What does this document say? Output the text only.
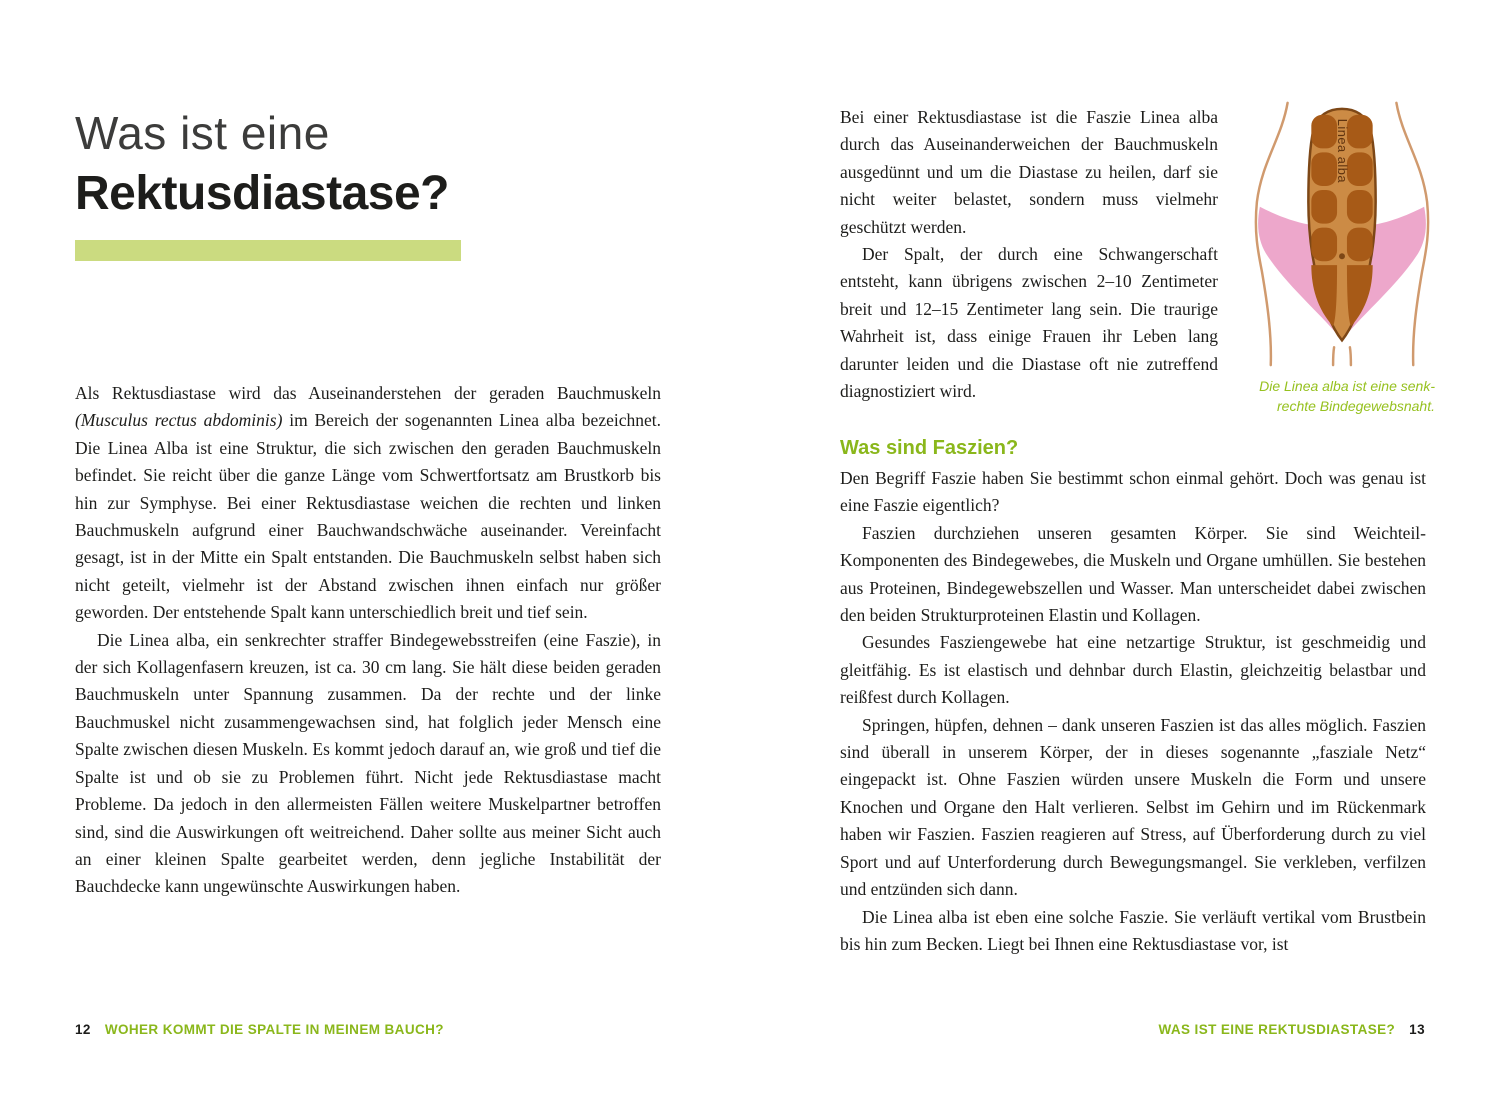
Was ist eine
Rektusdiastase?

Als Rektusdiastase wird das Auseinanderstehen der geraden Bauchmuskeln (Musculus rectus abdominis) im Bereich der sogenannten Linea alba bezeichnet. Die Linea Alba ist eine Struktur, die sich zwischen den geraden Bauchmuskeln befindet. Sie reicht über die ganze Länge vom Schwertfortsatz am Brustkorb bis hin zur Symphyse. Bei einer Rektusdiastase weichen die rechten und linken Bauchmuskeln aufgrund einer Bauchwandschwäche auseinander. Vereinfacht gesagt, ist in der Mitte ein Spalt entstanden. Die Bauchmuskeln selbst haben sich nicht geteilt, vielmehr ist der Abstand zwischen ihnen einfach nur größer geworden. Der entstehende Spalt kann unterschiedlich breit und tief sein.

Die Linea alba, ein senkrechter straffer Bindegewebsstreifen (eine Faszie), in der sich Kollagenfasern kreuzen, ist ca. 30 cm lang. Sie hält diese beiden geraden Bauchmuskeln unter Spannung zusammen. Da der rechte und der linke Bauchmuskel nicht zusammengewachsen sind, hat folglich jeder Mensch eine Spalte zwischen diesen Muskeln. Es kommt jedoch darauf an, wie groß und tief die Spalte ist und ob sie zu Problemen führt. Nicht jede Rektusdiastase macht Probleme. Da jedoch in den allermeisten Fällen weitere Muskelpartner betroffen sind, sind die Auswirkungen oft weitreichend. Daher sollte aus meiner Sicht auch an einer kleinen Spalte gearbeitet werden, denn jegliche Instabilität der Bauchdecke kann ungewünschte Auswirkungen haben.

12 WOHER KOMMT DIE SPALTE IN MEINEM BAUCH?

Bei einer Rektusdiastase ist die Faszie Linea alba durch das Auseinanderweichen der Bauchmuskeln ausgedünnt und um die Diastase zu heilen, darf sie nicht weiter belastet, sondern muss vielmehr geschützt werden.

Der Spalt, der durch eine Schwangerschaft entsteht, kann übrigens zwischen 2–10 Zentimeter breit und 12–15 Zentimeter lang sein. Die traurige Wahrheit ist, dass einige Frauen ihr Leben lang darunter leiden und die Diastase oft nie zutreffend diagnostiziert wird.

Linea alba
Die Linea alba ist eine senk-
rechte Bindegewebsnaht.
Was sind Faszien?

Den Begriff Faszie haben Sie bestimmt schon einmal gehört. Doch was genau ist eine Faszie eigentlich?

Faszien durchziehen unseren gesamten Körper. Sie sind Weichteil-Komponenten des Bindegewebes, die Muskeln und Organe umhüllen. Sie bestehen aus Proteinen, Bindegewebszellen und Wasser. Man unterscheidet dabei zwischen den beiden Strukturproteinen Elastin und Kollagen.

Gesundes Fasziengewebe hat eine netzartige Struktur, ist geschmeidig und gleitfähig. Es ist elastisch und dehnbar durch Elastin, gleichzeitig belastbar und reißfest durch Kollagen.

Springen, hüpfen, dehnen – dank unseren Faszien ist das alles möglich. Faszien sind überall in unserem Körper, der in dieses sogenannte „fasziale Netz“ eingepackt ist. Ohne Faszien würden unsere Muskeln die Form und unsere Knochen und Organe den Halt verlieren. Selbst im Gehirn und im Rückenmark haben wir Faszien. Faszien reagieren auf Stress, auf Überforderung durch zu viel Sport und auf Unterforderung durch Bewegungsmangel. Sie verkleben, verfilzen und entzünden sich dann.

Die Linea alba ist eben eine solche Faszie. Sie verläuft vertikal vom Brustbein bis hin zum Becken. Liegt bei Ihnen eine Rektusdiastase vor, ist

WAS IST EINE REKTUSDIASTASE? 13
